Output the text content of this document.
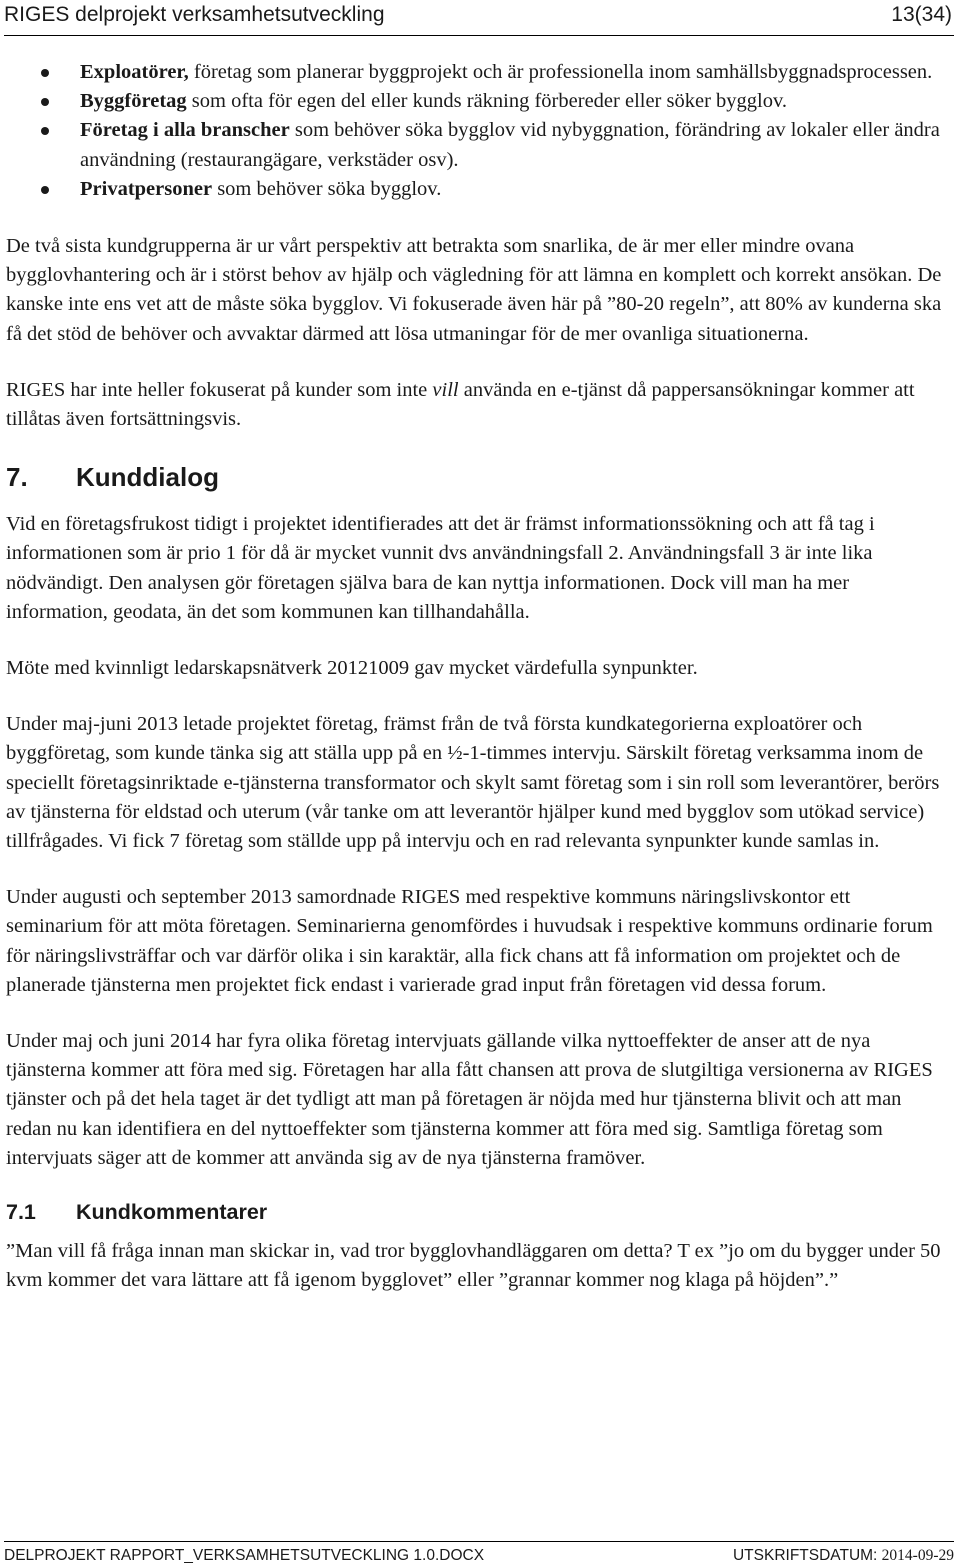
RIGES delprojekt verksamhetsutveckling	13(34)
Exploatörer, företag som planerar byggprojekt och är professionella inom samhällsbyggnadsprocessen.
Byggföretag som ofta för egen del eller kunds räkning förbereder eller söker bygglov.
Företag i alla branscher som behöver söka bygglov vid nybyggnation, förändring av lokaler eller ändra användning (restaurangägare, verkstäder osv).
Privatpersoner som behöver söka bygglov.

De två sista kundgrupperna är ur vårt perspektiv att betrakta som snarlika, de är mer eller mindre ovana bygglovhantering och är i störst behov av hjälp och vägledning för att lämna en komplett och korrekt ansökan. De kanske inte ens vet att de måste söka bygglov. Vi fokuserade även här på ”80-20 regeln”, att 80% av kunderna ska få det stöd de behöver och avvaktar därmed att lösa utmaningar för de mer ovanliga situationerna.

RIGES har inte heller fokuserat på kunder som inte vill använda en e-tjänst då pappersansökningar kommer att tillåtas även fortsättningsvis.

7. Kunddialog

Vid en företagsfrukost tidigt i projektet identifierades att det är främst informationssökning och att få tag i informationen som är prio 1 för då är mycket vunnit dvs användningsfall 2. Användningsfall 3 är inte lika nödvändigt. Den analysen gör företagen själva bara de kan nyttja informationen. Dock vill man ha mer information, geodata, än det som kommunen kan tillhandahålla.

Möte med kvinnligt ledarskapsnätverk 20121009 gav mycket värdefulla synpunkter.

Under maj-juni 2013 letade projektet företag, främst från de två första kundkategorierna exploatörer och byggföretag, som kunde tänka sig att ställa upp på en ½-1-timmes intervju. Särskilt företag verksamma inom de speciellt företagsinriktade e-tjänsterna transformator och skylt samt företag som i sin roll som leverantörer, berörs av tjänsterna för eldstad och uterum (vår tanke om att leverantör hjälper kund med bygglov som utökad service) tillfrågades. Vi fick 7 företag som ställde upp på intervju och en rad relevanta synpunkter kunde samlas in.

Under augusti och september 2013 samordnade RIGES med respektive kommuns näringslivskontor ett seminarium för att möta företagen. Seminarierna genomfördes i huvudsak i respektive kommuns ordinarie forum för näringslivsträffar och var därför olika i sin karaktär, alla fick chans att få information om projektet och de planerade tjänsterna men projektet fick endast i varierade grad input från företagen vid dessa forum.

Under maj och juni 2014 har fyra olika företag intervjuats gällande vilka nyttoeffekter de anser att de nya tjänsterna kommer att föra med sig. Företagen har alla fått chansen att prova de slutgiltiga versionerna av RIGES tjänster och på det hela taget är det tydligt att man på företagen är nöjda med hur tjänsterna blivit och att man redan nu kan identifiera en del nyttoeffekter som tjänsterna kommer att föra med sig. Samtliga företag som intervjuats säger att de kommer att använda sig av de nya tjänsterna framöver.

7.1 Kundkommentarer

”Man vill få fråga innan man skickar in, vad tror bygglovhandläggaren om detta? T ex ”jo om du bygger under 50 kvm kommer det vara lättare att få igenom bygglovet” eller ”grannar kommer nog klaga på höjden”.”

DELPROJEKT RAPPORT_VERKSAMHETSUTVECKLING 1.0.DOCX	UTSKRIFTSDATUM: 2014-09-29
